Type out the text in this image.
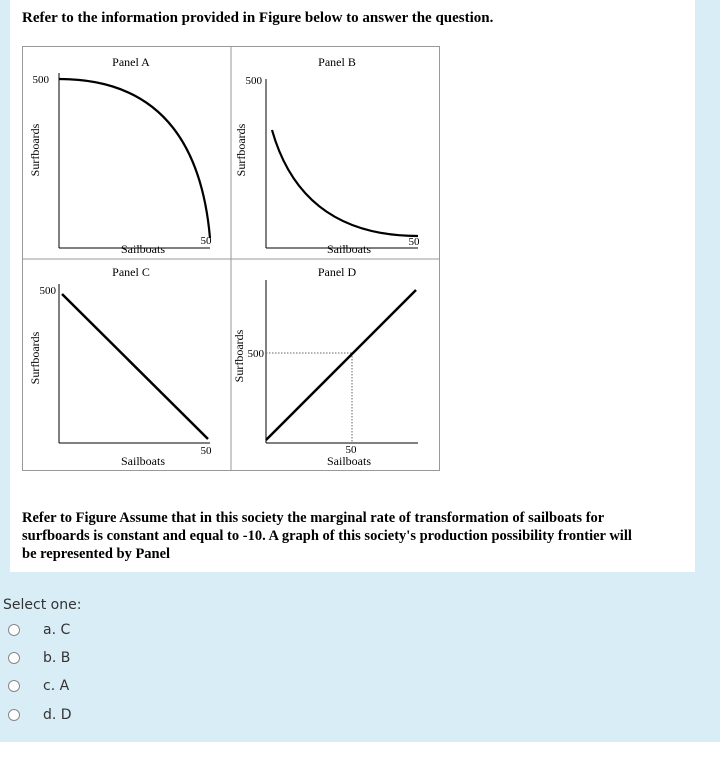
Refer to the information provided in Figure below to answer the question.
Panel A
500
50
Surfboards
Sailboats
Panel B
500
50
Surfboards
Sailboats
Panel C
500
50
Surfboards
Sailboats
Panel D
500
50
Surfboards
Sailboats
Refer to Figure Assume that in this society the marginal rate of transformation of sailboats for surfboards is constant and equal to -10. A graph of this society's production possibility frontier will be represented by Panel
Select one:
a. C
b. B
c. A
d. D
